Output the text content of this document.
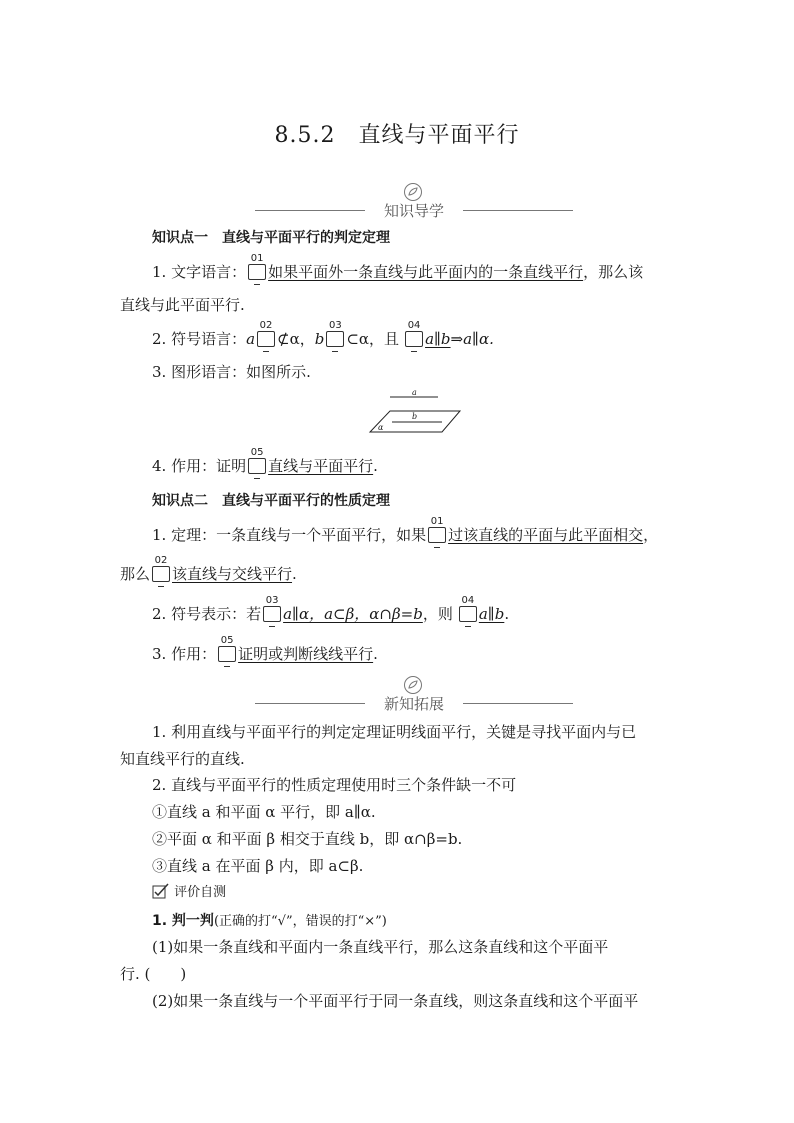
8.5.2　直线与平面平行
知识导学
知识点一　直线与平面平行的判定定理
1. 文字语言：
01
如果平面外一条直线与此平面内的一条直线平行，那么该
直线与此平面平行.
2. 符号语言：a
02
⊄α，b
03
⊂α，且
04
a∥b⇒a∥α.
3. 图形语言：如图所示.
a
b
α
4. 作用：证明
05
直线与平面平行.
知识点二　直线与平面平行的性质定理
1. 定理：一条直线与一个平面平行，如果
01
过该直线的平面与此平面相交，
那么
02
该直线与交线平行.
2. 符号表示：若
03
a∥α，a⊂β，α∩β=b，则
04
a∥b.
3. 作用：
05
证明或判断线线平行.
新知拓展
1. 利用直线与平面平行的判定定理证明线面平行，关键是寻找平面内与已
知直线平行的直线.
2. 直线与平面平行的性质定理使用时三个条件缺一不可
①直线 a 和平面 α 平行，即 a∥α.
②平面 α 和平面 β 相交于直线 b，即 α∩β=b.
③直线 a 在平面 β 内，即 a⊂β.
评价自测
1. 判一判(正确的打“√”，错误的打“×”)
(1)如果一条直线和平面内一条直线平行，那么这条直线和这个平面平
行. (　　)
(2)如果一条直线与一个平面平行于同一条直线，则这条直线和这个平面平
